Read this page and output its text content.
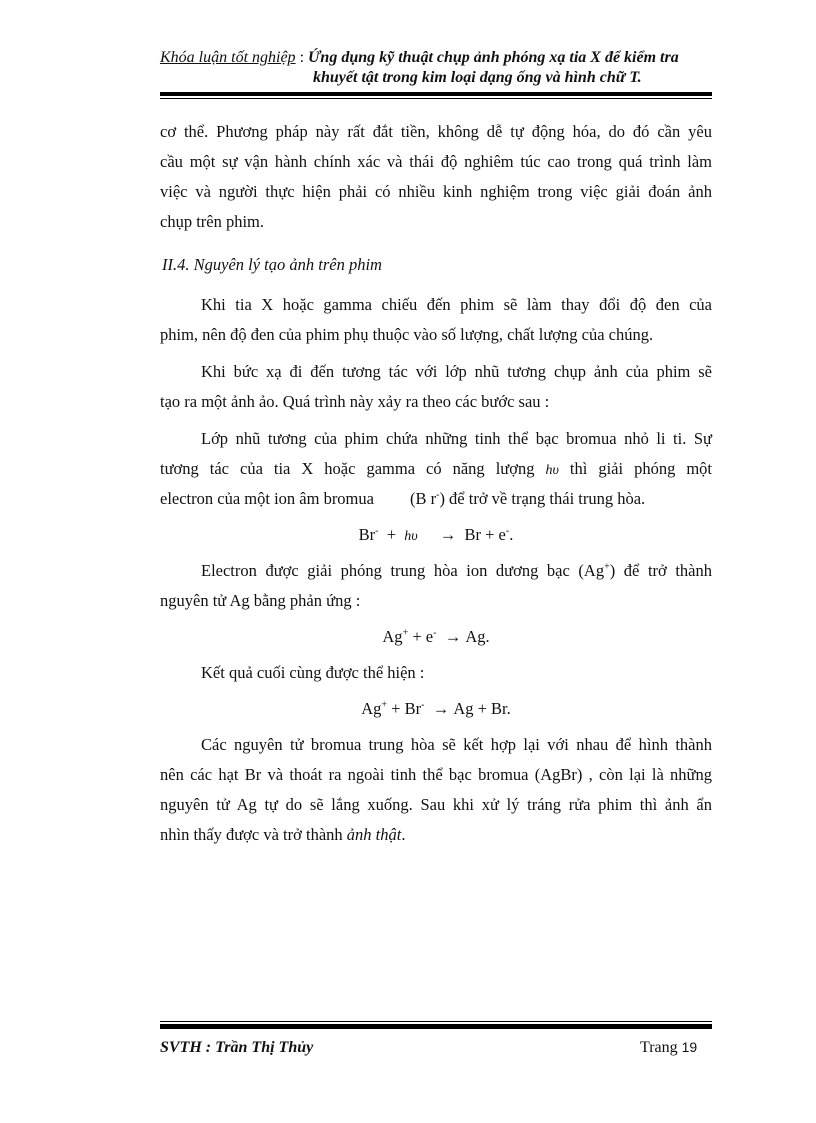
Khóa luận tốt nghiệp : Ứng dụng kỹ thuật chụp ảnh phóng xạ tia X để kiểm tra
khuyết tật trong kim loại dạng ống và hình chữ T.

cơ thể. Phương pháp này rất đắt tiền, không dễ tự động hóa, do đó cần yêu

cầu một sự vận hành chính xác và thái độ nghiêm túc cao trong quá trình làm

việc và người thực hiện phải có nhiều kinh nghiệm trong việc giải đoán ảnh

chụp trên phim.

II.4. Nguyên lý tạo ảnh trên phim

Khi tia X hoặc gamma chiếu đến phim sẽ làm thay đổi độ đen của

phim, nên độ đen của phim phụ thuộc vào số lượng, chất lượng của chúng.

Khi bức xạ đi đến tương tác với lớp nhũ tương chụp ảnh của phim sẽ

tạo ra một ảnh ảo. Quá trình này xảy ra theo các bước sau :

Lớp nhũ tương của phim chứa những tinh thể bạc bromua nhỏ li ti. Sự

tương tác của tia X hoặc gamma có năng lượng hυ thì giải phóng một

electron của một ion âm bromua (B r-) để trở về trạng thái trung hòa.

Br- + hυ → Br + e-.

Electron được giải phóng trung hòa ion dương bạc (Ag+) để trở thành

nguyên tử Ag bằng phản ứng :

Ag+ + e- → Ag.

Kết quả cuối cùng được thể hiện :

Ag+ + Br- → Ag + Br.

Các nguyên tử bromua trung hòa sẽ kết hợp lại với nhau để hình thành

nên các hạt Br và thoát ra ngoài tinh thể bạc bromua (AgBr) , còn lại là những

nguyên tử Ag tự do sẽ lắng xuống. Sau khi xử lý tráng rửa phim thì ảnh ẩn

nhìn thấy được và trở thành ảnh thật.

SVTH : Trần Thị Thủy	Trang 19
